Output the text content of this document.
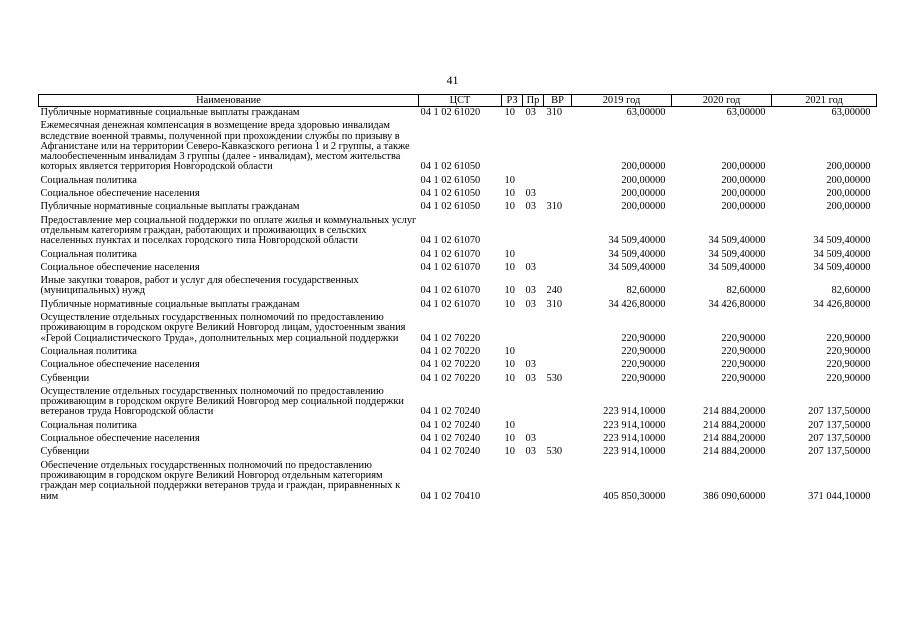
41
Наименование	ЦСТ	РЗ	Пр	ВР	2019 год	2020 год	2021 год
Публичные нормативные социальные выплаты гражданам	04 1 02 61020	10	03	310	63,00000	63,00000	63,00000
Ежемесячная денежная компенсация в возмещение вреда здоровью инвалидам вследствие военной травмы, полученной при прохождении службы по призыву в Афганистане или на территории Северо-Кавказского региона 1 и 2 группы, а также малообеспеченным инвалидам 3 группы (далее - инвалидам), местом жительства которых является территория Новгородской области	04 1 02 61050				200,00000	200,00000	200,00000
Социальная политика	04 1 02 61050	10			200,00000	200,00000	200,00000
Социальное обеспечение населения	04 1 02 61050	10	03		200,00000	200,00000	200,00000
Публичные нормативные социальные выплаты гражданам	04 1 02 61050	10	03	310	200,00000	200,00000	200,00000
Предоставление мер социальной поддержки по оплате жилья и коммунальных услуг отдельным категориям граждан, работающих и проживающих в сельских населенных пунктах и поселках городского типа Новгородской области	04 1 02 61070				34 509,40000	34 509,40000	34 509,40000
Социальная политика	04 1 02 61070	10			34 509,40000	34 509,40000	34 509,40000
Социальное обеспечение населения	04 1 02 61070	10	03		34 509,40000	34 509,40000	34 509,40000
Иные закупки товаров, работ и услуг для обеспечения государственных (муниципальных) нужд	04 1 02 61070	10	03	240	82,60000	82,60000	82,60000
Публичные нормативные социальные выплаты гражданам	04 1 02 61070	10	03	310	34 426,80000	34 426,80000	34 426,80000
Осуществление отдельных государственных полномочий по предоставлению проживающим в городском округе Великий Новгород лицам, удостоенным звания «Герой Социалистического Труда», дополнительных мер социальной поддержки	04 1 02 70220				220,90000	220,90000	220,90000
Социальная политика	04 1 02 70220	10			220,90000	220,90000	220,90000
Социальное обеспечение населения	04 1 02 70220	10	03		220,90000	220,90000	220,90000
Субвенции	04 1 02 70220	10	03	530	220,90000	220,90000	220,90000
Осуществление отдельных государственных полномочий по предоставлению проживающим в городском округе Великий Новгород мер социальной поддержки ветеранов труда Новгородской области	04 1 02 70240				223 914,10000	214 884,20000	207 137,50000
Социальная политика	04 1 02 70240	10			223 914,10000	214 884,20000	207 137,50000
Социальное обеспечение населения	04 1 02 70240	10	03		223 914,10000	214 884,20000	207 137,50000
Субвенции	04 1 02 70240	10	03	530	223 914,10000	214 884,20000	207 137,50000
Обеспечение отдельных государственных полномочий по предоставлению проживающим в городском округе Великий Новгород отдельным категориям граждан мер социальной поддержки ветеранов труда и граждан, приравненных к ним	04 1 02 70410				405 850,30000	386 090,60000	371 044,10000
